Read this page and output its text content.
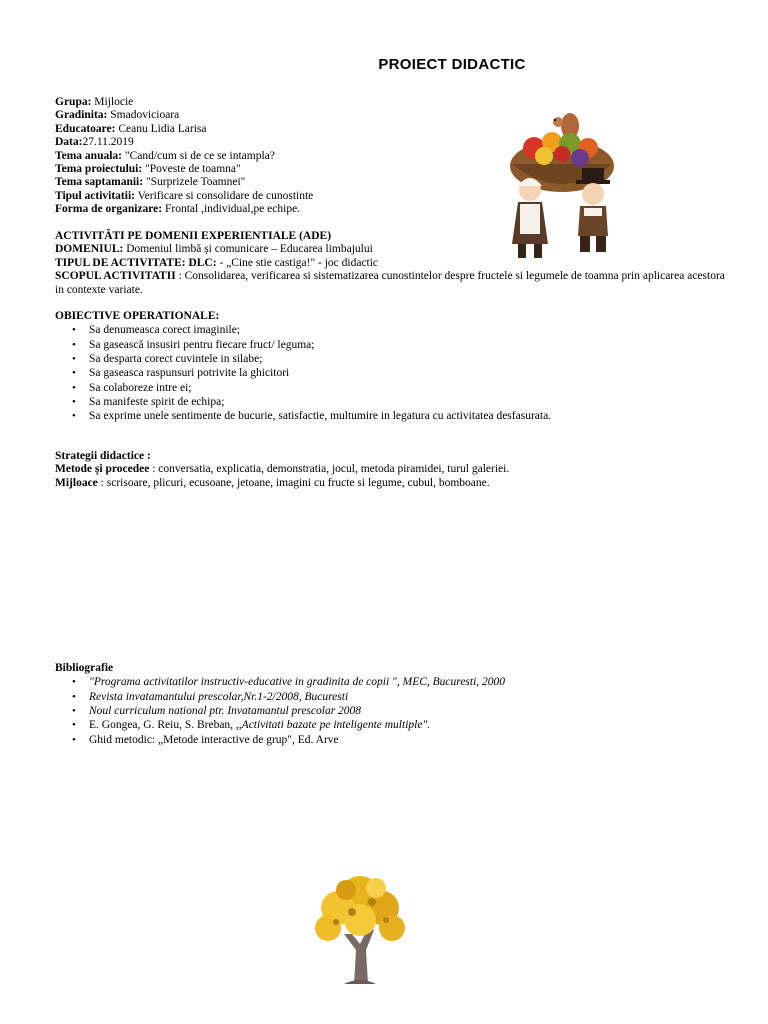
PROIECT DIDACTIC
Grupa: Mijlocie
Gradinita: Smadovicioara
Educatoare: Ceanu Lidia Larisa
Data:27.11.2019
Tema anuala: "Cand/cum si de ce se intampla?
Tema proiectului: "Poveste de toamna"
Tema saptamanii: "Surprizele Toamnei"
Tipul activitatii: Verificare si consolidare de cunostinte
Forma de organizare: Frontal ,individual,pe echipe.
ACTIVITĂTI PE DOMENII EXPERIENTIALE (ADE)
DOMENIUL: Domeniul limbă și comunicare – Educarea limbajului
TIPUL DE ACTIVITATE: DLC: - „Cine stie castiga!" - joc didactic
SCOPUL ACTIVITATII : Consolidarea, verificarea si sistematizarea cunostintelor despre fructele si legumele de toamna prin aplicarea acestora in contexte variate.
OBIECTIVE OPERATIONALE:
• Sa denumeasca corect imaginile;
• Sa gasească insusiri pentru fiecare fruct/ leguma;
• Sa desparta corect cuvintele in silabe;
• Sa gaseasca raspunsuri potrivite la ghicitori
• Sa colaboreze intre ei;
• Sa manifeste spirit de echipa;
• Sa exprime unele sentimente de bucurie, satisfactie, multumire in legatura cu activitatea desfasurata.
Strategii didactice :
Metode şi procedee : conversatia, explicatia, demonstratia, jocul, metoda piramidei, turul galeriei.
Mijloace : scrisoare, plicuri, ecusoane, jetoane, imagini cu fructe si legume, cubul, bomboane.
Bibliografie
• "Programa activitatilor instructiv-educative in gradinita de copii ", MEC, Bucuresti, 2000
• Revista invatamantului prescolar,Nr.1-2/2008, Bucuresti
• Noul curriculum national ptr. Invatamantul prescolar 2008
• E. Gongea, G. Reiu, S. Breban, ,,Activitati bazate pe inteligente multiple".
• Ghid metodic: „Metode interactive de grup", Ed. Arve
